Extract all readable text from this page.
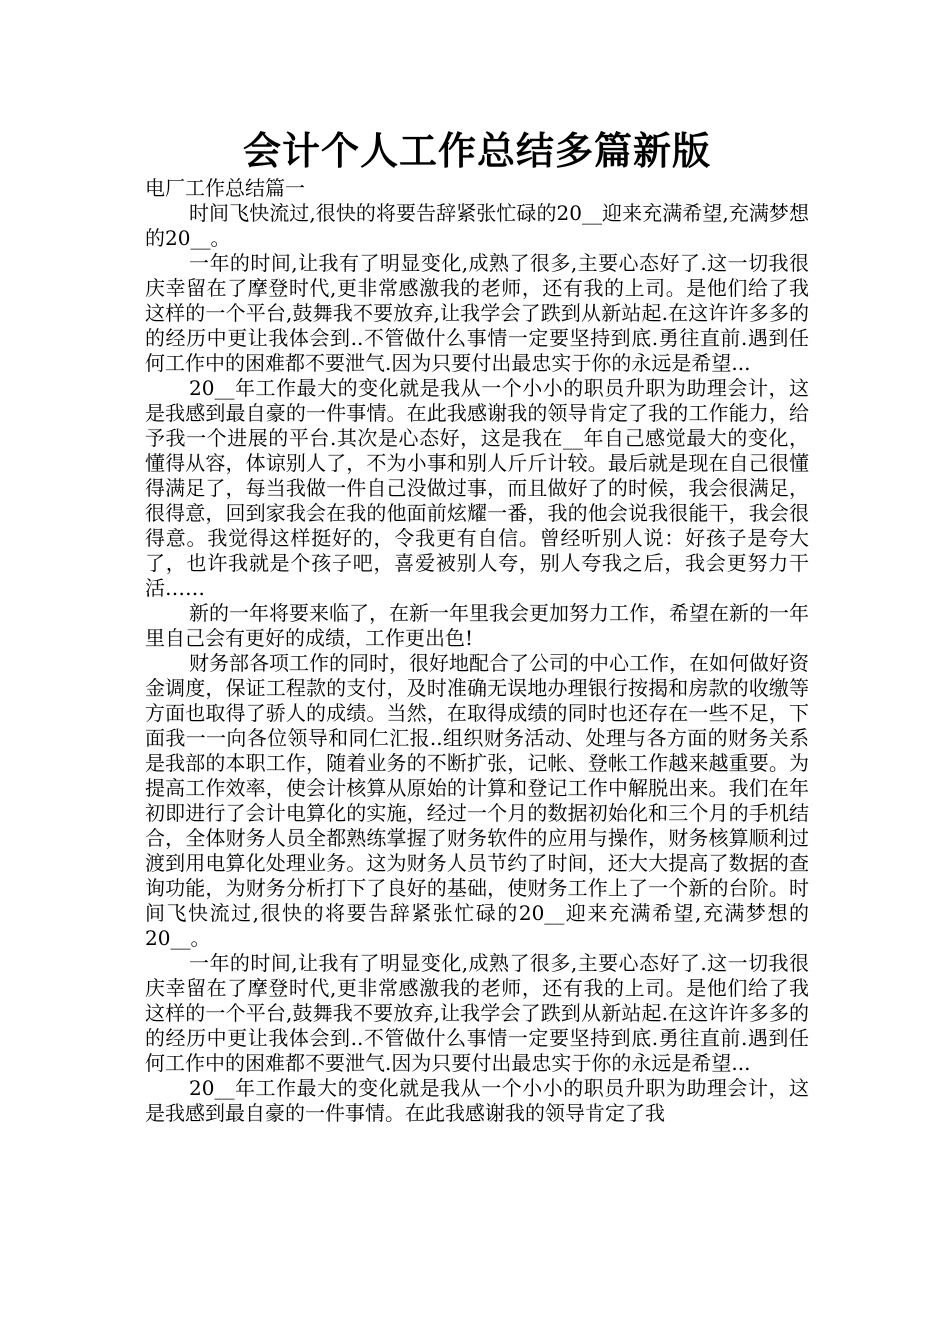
会计个人工作总结多篇新版
电厂工作总结篇一

时间飞快流过,很快的将要告辞紧张忙碌的20__迎来充满希望,充满梦想的20__。

一年的时间,让我有了明显变化,成熟了很多,主要心态好了.这一切我很庆幸留在了摩登时代,更非常感激我的老师，还有我的上司。是他们给了我这样的一个平台,鼓舞我不要放弃,让我学会了跌到从新站起.在这许许多多的的经历中更让我体会到..不管做什么事情一定要坚持到底.勇往直前.遇到任何工作中的困难都不要泄气.因为只要付出最忠实于你的永远是希望...

20__年工作最大的变化就是我从一个小小的职员升职为助理会计，这是我感到最自豪的一件事情。在此我感谢我的领导肯定了我的工作能力，给予我一个进展的平台.其次是心态好，这是我在__年自己感觉最大的变化，懂得从容，体谅别人了，不为小事和别人斤斤计较。最后就是现在自己很懂得满足了，每当我做一件自己没做过事，而且做好了的时候，我会很满足，很得意，回到家我会在我的他面前炫耀一番，我的他会说我很能干，我会很得意。我觉得这样挺好的，令我更有自信。曾经听别人说：好孩子是夸大了，也许我就是个孩子吧，喜爱被别人夸，别人夸我之后，我会更努力干活……

新的一年将要来临了，在新一年里我会更加努力工作，希望在新的一年里自己会有更好的成绩，工作更出色!

财务部各项工作的同时，很好地配合了公司的中心工作，在如何做好资金调度，保证工程款的支付，及时准确无误地办理银行按揭和房款的收缴等方面也取得了骄人的成绩。当然，在取得成绩的同时也还存在一些不足，下面我一一向各位领导和同仁汇报..组织财务活动、处理与各方面的财务关系是我部的本职工作，随着业务的不断扩张，记帐、登帐工作越来越重要。为提高工作效率，使会计核算从原始的计算和登记工作中解脱出来。我们在年初即进行了会计电算化的实施，经过一个月的数据初始化和三个月的手机结合，全体财务人员全都熟练掌握了财务软件的应用与操作，财务核算顺利过渡到用电算化处理业务。这为财务人员节约了时间，还大大提高了数据的查询功能，为财务分析打下了良好的基础，使财务工作上了一个新的台阶。时间飞快流过,很快的将要告辞紧张忙碌的20__迎来充满希望,充满梦想的20__。

一年的时间,让我有了明显变化,成熟了很多,主要心态好了.这一切我很庆幸留在了摩登时代,更非常感激我的老师，还有我的上司。是他们给了我这样的一个平台,鼓舞我不要放弃,让我学会了跌到从新站起.在这许许多多的的经历中更让我体会到..不管做什么事情一定要坚持到底.勇往直前.遇到任何工作中的困难都不要泄气.因为只要付出最忠实于你的永远是希望...

20__年工作最大的变化就是我从一个小小的职员升职为助理会计，这是我感到最自豪的一件事情。在此我感谢我的领导肯定了我
